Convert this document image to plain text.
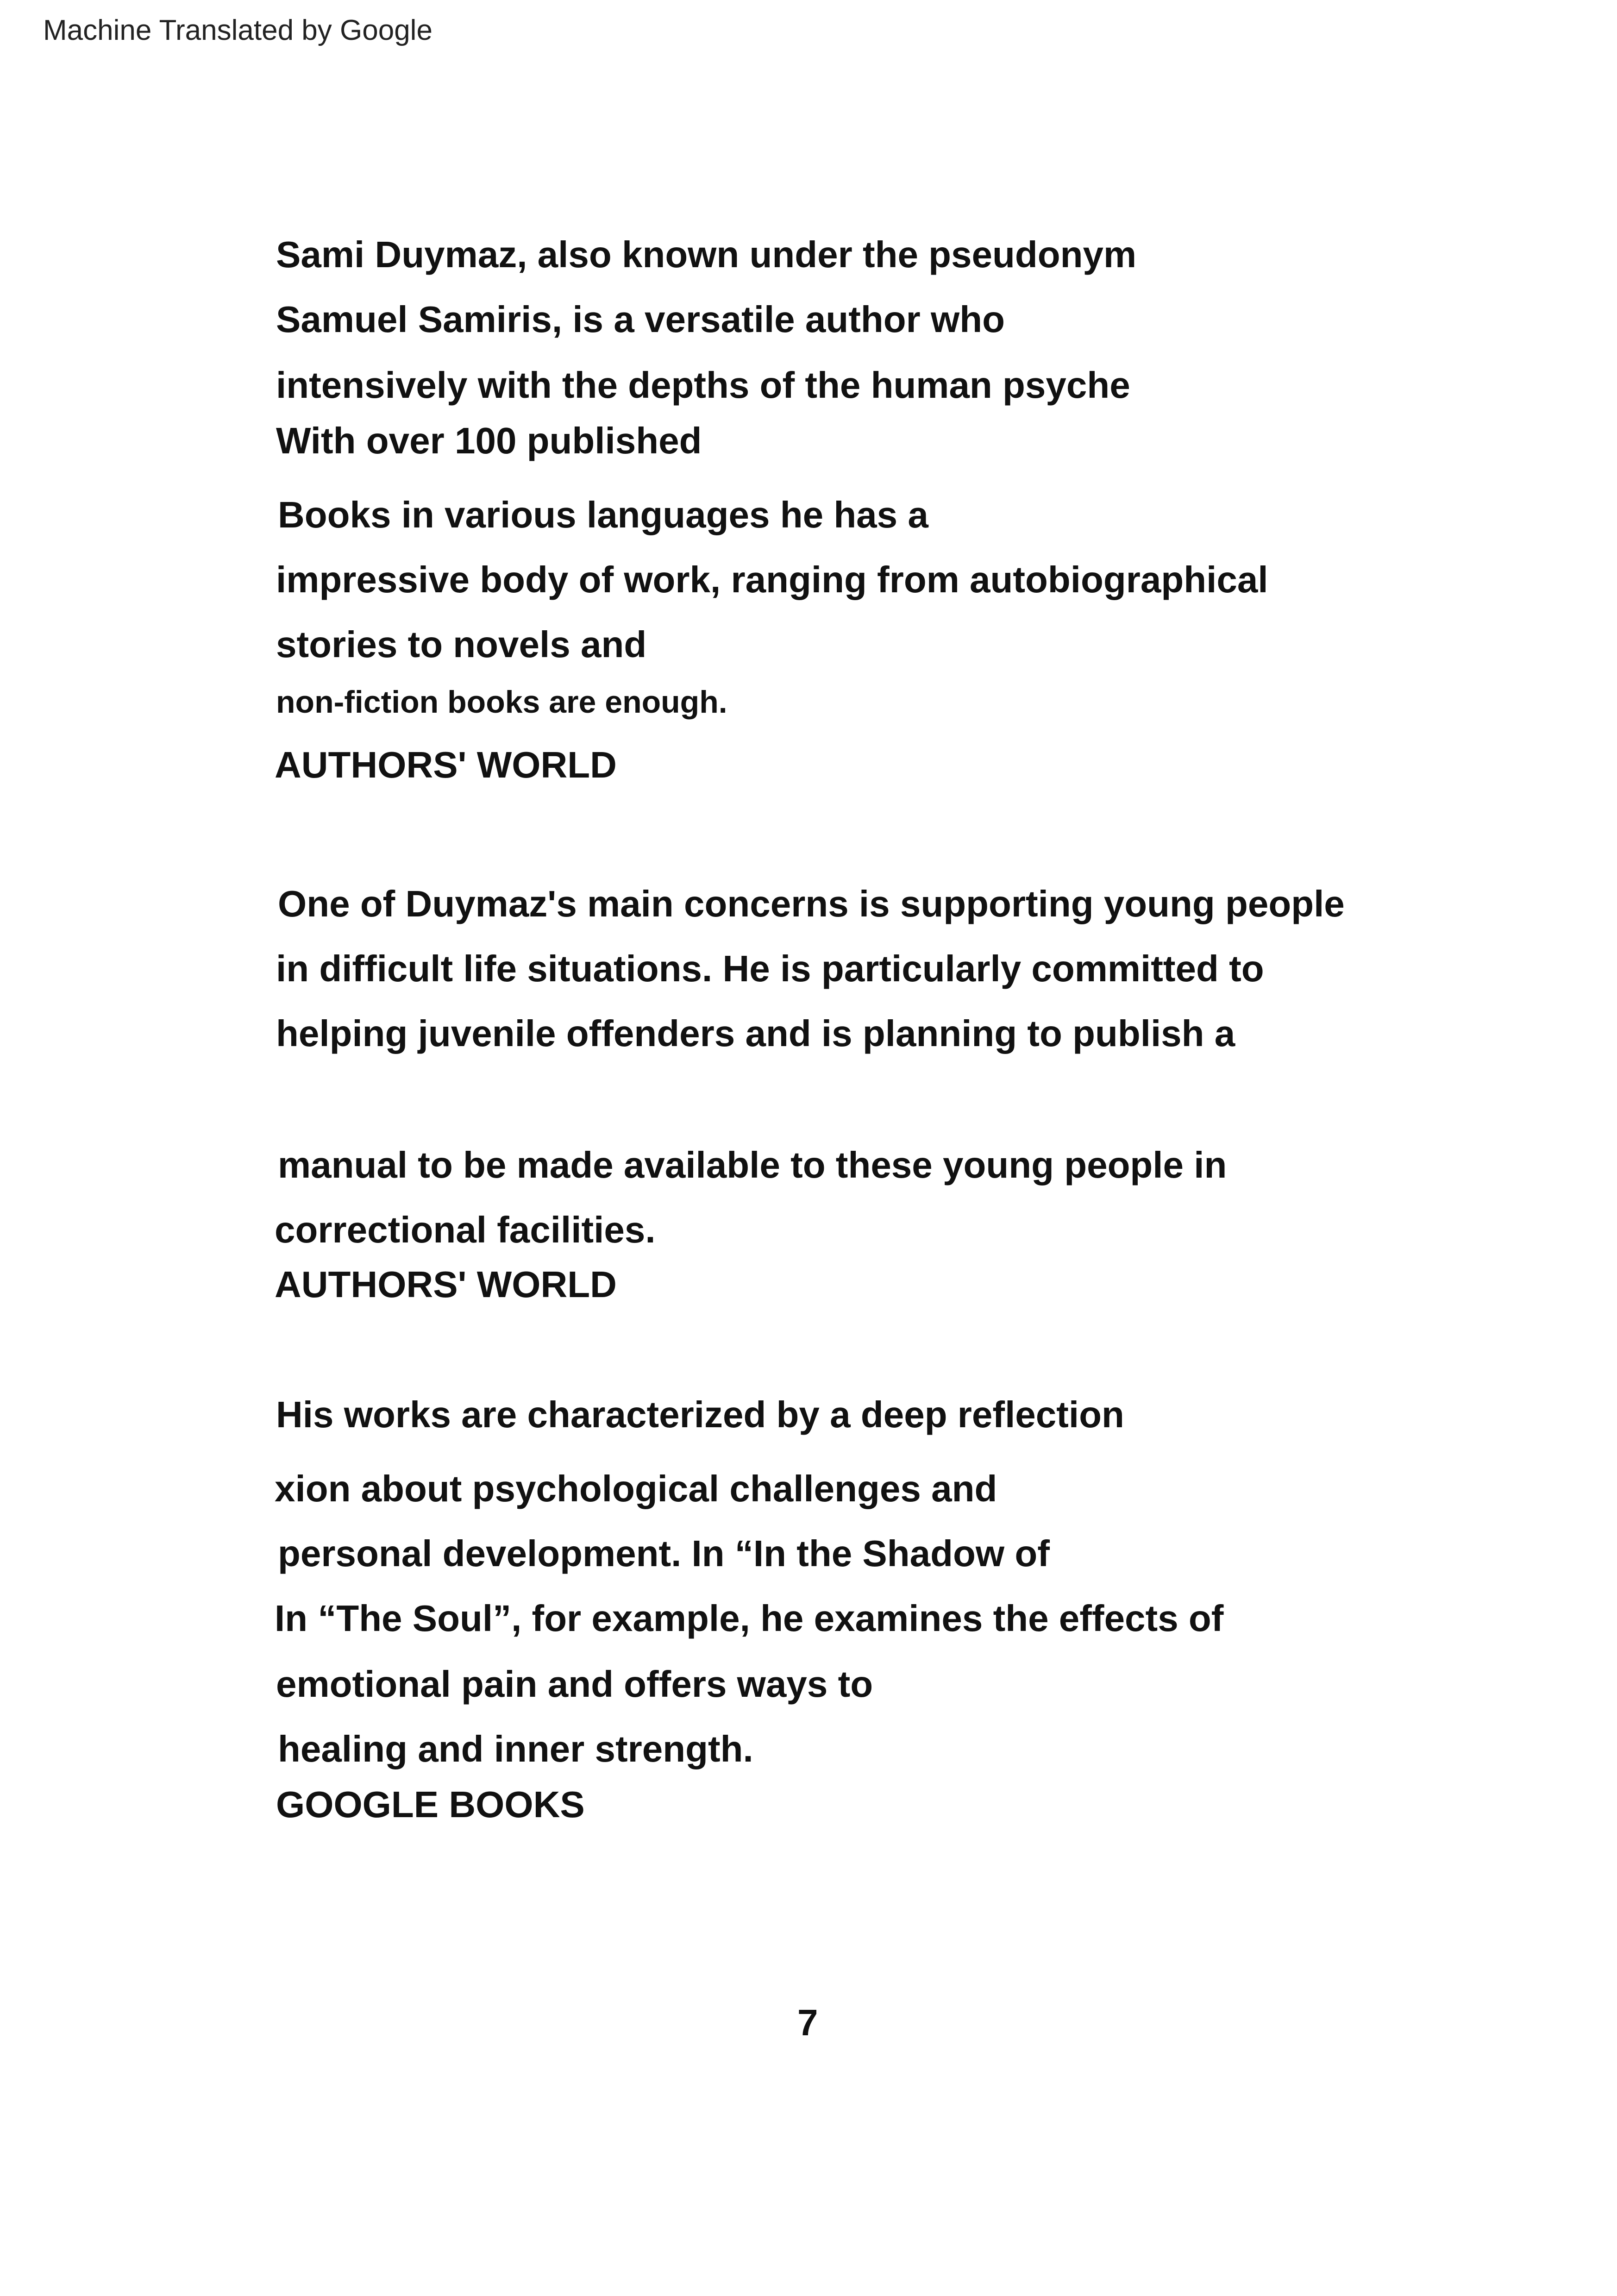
Machine Translated by Google
Sami Duymaz, also known under the pseudonym
Samuel Samiris, is a versatile author who
intensively with the depths of the human psyche
With over 100 published
Books in various languages he has a
impressive body of work, ranging from autobiographical
stories to novels and
non-fiction books are enough.
AUTHORS' WORLD
One of Duymaz's main concerns is supporting young people
in difficult life situations. He is particularly committed to
helping juvenile offenders and is planning to publish a
manual to be made available to these young people in
correctional facilities.
AUTHORS' WORLD
His works are characterized by a deep reflection
xion about psychological challenges and
personal development. In “In the Shadow of
In “The Soul”, for example, he examines the effects of
emotional pain and offers ways to
healing and inner strength.
GOOGLE BOOKS
7
